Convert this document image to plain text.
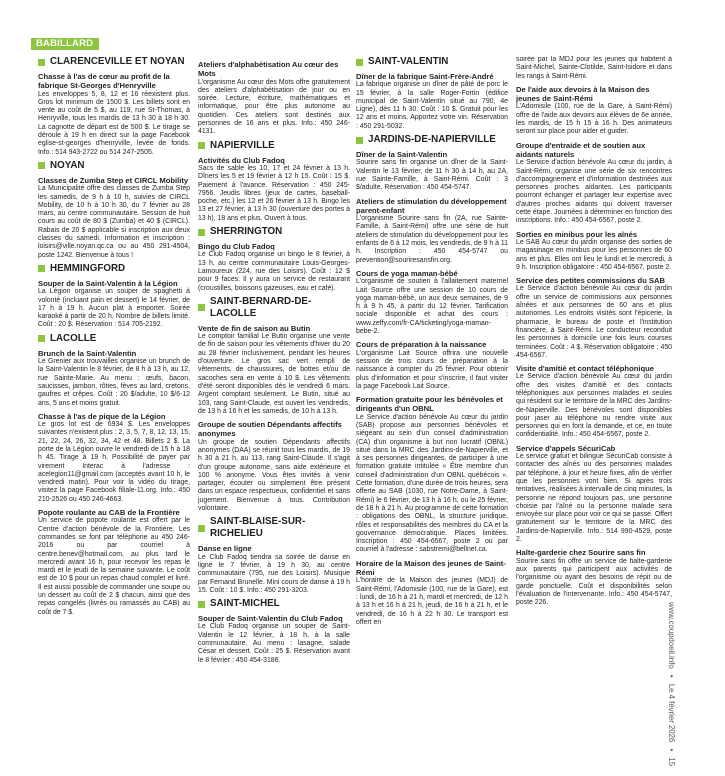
BABILLARD
CLARENCEVILLE ET NOYAN
Chasse à l'as de cœur au profit de la fabrique St-Georges d'Henryville
Les enveloppes 5, 8, 12 et 16 réexistent plus. Gros lot minimum de 1500 $. Les billets sont en vente au coût de 5 $, au 119, rue St-Thomas, à Henryville, tous les mardis de 13 h 30 à 18 h 30. La cagnotte de départ est de 500 $. Le tirage se déroule à 19 h en direct sur la page Facebook eglise-st-georges d'henryville, levée de fonds. Info.: 514 943-2722 ou 514 247-2505.
NOYAN
Classes de Zumba Step et CIRCL Mobility
La Municipalité offre des classes de Zumba Step les samedis, de 9 h à 10 h, suivies de CIRCL Mobility, de 10 h à 10 h 30, du 7 février au 28 mars, au centre communautaire. Session de huit cours au coût de 80 $ (Zumba) et 40 $ (CIRCL). Rabais de 20 $ applicable si inscription aux deux classes du samedi. Information et inscription : loisirs@ville.noyan.qc.ca ou au 450 291-4504, poste 1242. Bienvenue à tous !
HEMMINGFORD
Souper de la Saint-Valentin à la Légion
La Légion organise un souper de spaghetti à volonté (incluant pain et dessert) le 14 février, de 17 h à 19 h. Aucun plat à emporter. Soirée karaoké à partir de 20 h. Nombre de billets limité. Coût : 20 $. Réservation : 514 705-2192.
LACOLLE
Brunch de la Saint-Valentin
Le Grenier aux trouvailles organise un brunch de la Saint-Valentin le 8 février, de 8 h à 13 h, au 12, rue Sainte-Marie. Au menu : œufs, bacon, saucisses, jambon, rôties, fèves au lard, cretons, gaufres et crêpes. Coût : 20 $/adulte, 10 $/6-12 ans, 5 ans et moins gratuit.
Chasse à l'as de pique de la Légion
Le gros lot est de 6934 $. Les enveloppes suivantes n'existent plus : 2, 3, 5, 7, 8, 12, 13, 15, 21, 22, 24, 26, 32, 34, 42 et 48. Billets 2 $. La porte de la Légion ouvre le vendredi de 15 h à 18 h 45. Tirage à 19 h. Possibilité de payer par virement Interac à l'adresse : acelegion11@gmail.com (acceptés avant 10 h, le vendredi matin). Pour voir la vidéo du tirage, visitez la page Facebook filiale-11.org. Info.: 450 210-2526 ou 450 246-4663.
Popote roulante au CAB de la Frontière
Un service de popote roulante est offert par le Centre d'action bénévole de la Frontière. Les commandes se font par téléphone au 450 246-2016 ou par courriel à centre.benev@hotmail.com, au plus tard le mercredi avant 16 h, pour recevoir les repas le mardi et le jeudi de la semaine suivante. Le coût est de 10 $ pour un repas chaud complet et livré. Il est aussi possible de commander une soupe ou un dessert au coût de 2 $ chacun, ainsi que des repas congelés (livrés ou ramassés au CAB) au coût de 7 $.
Ateliers d'alphabétisation Au cœur des Mots
L'organisme Au cœur des Mots offre gratuitement des ateliers d'alphabétisation de jour ou en soirée. Lecture, écriture, mathématiques et informatique, pour être plus autonome au quotidien. Ces ateliers sont destinés aux personnes de 16 ans et plus. Info.: 450 246-4131.
NAPIERVILLE
Activités du Club Fadoq
Sacs de sable les 10, 17 et 24 février à 13 h. Dîners les 5 et 19 février à 12 h 15. Coût : 15 $. Paiement à l'avance. Réservation : 450 245-7956. Jeudis libres (jeux de cartes, baseball-poche, etc.) les 12 et 26 février à 13 h. Bingo les 13 et 27 février, à 13 h 30 (ouverture des portes à 13 h), 18 ans et plus. Ouvert à tous.
SHERRINGTON
Bingo du Club Fadoq
Le Club Fadoq organise un bingo le 8 février, à 13 h, au centre communautaire Louis-Georges-Lamoureux (224, rue des Loisirs). Coût : 12 $ pour 9 faces. Il y aura un service de restaurant (croustilles, boissons gazeuses, eau et café).
SAINT-BERNARD-DE-LACOLLE
Vente de fin de saison au Butin
Le comptoir familial Le Butin organise une vente de fin de saison pour les vêtements d'hiver du 20 au 28 février inclusivement, pendant les heures d'ouverture. Le gros sac vert rempli de vêtements, de chaussures, de bottes et/ou de sacoches sera en vente à 10 $. Les vêtements d'été seront disponibles dès le vendredi 6 mars. Argent comptant seulement. Le Butin, situé au 103, rang Saint-Claude, est ouvert les vendredis, de 13 h à 16 h et les samedis, de 10 h à 13 h.
Groupe de soutien Dépendants affectifs anonymes
Un groupe de soutien Dépendants affectifs anonymes (DAA) se réunit tous les mardis, de 19 h 30 à 21 h, au 113, rang Saint-Claude. Il s'agit d'un groupe autonome, sans aide extérieure et 100 % anonyme. Vous êtes invités à venir partager, écouter ou simplement être présent dans un espace respectueux, confidentiel et sans jugement. Bienvenue à tous. Contribution volontaire.
SAINT-BLAISE-SUR-RICHELIEU
Danse en ligne
Le Club Fadoq tiendra sa soirée de danse en ligne le 7 février, à 19 h 30, au centre communautaire (795, rue des Loisirs). Musique par Fernand Brunelle. Mini cours de danse à 19 h 15. Coût : 10 $. Info.: 450 291-3203.
SAINT-MICHEL
Souper de Saint-Valentin du Club Fadoq
Le Club Fadoq organise un souper de Saint-Valentin le 12 février, à 18 h, à la salle communautaire. Au menu : lasagne, salade César et dessert. Coût : 25 $. Réservation avant le 8 février : 450 454-3186.
SAINT-VALENTIN
Dîner de la fabrique Saint-Frère-André
La fabrique organise un dîner de pâté de porc le 15 février, à la salle Roger-Fortin (édifice municipal de Saint-Valentin situé au 790, 4e Ligne), dès 11 h 30. Coût : 10 $. Gratuit pour les 12 ans et moins. Apportez votre vin. Réservation : 450 291-5032.
JARDINS-DE-NAPIERVILLE
Dîner de la Saint-Valentin
Sourire sans fin organise un dîner de la Saint-Valentin le 13 février, de 11 h 30 à 14 h, au 2A, rue Sainte-Famille, à Saint-Rémi. Coût : 3 $/adulte. Réservation : 450 454-5747.
Ateliers de stimulation du développement parent-enfant
L'organisme Sourire sans fin (2A, rue Sainte-Famille, à Saint-Rémi) offre une série de huit ateliers de stimulation du développement pour les enfants de 6 à 12 mois, les vendredis, de 9 h à 11 h. Inscription : 450 454-5747 ou prevention@souriresansfin.org.
Cours de yoga maman-bébé
L'organisme de soutien à l'allaitement maternel Lait Source offre une session de 10 cours de yoga maman-bébé, un aux deux semaines, de 9 h à 9 h 45, à partir du 12 février. Tarification sociale disponible et achat des cours : www.zeffy.com/fr-CA/ticketing/yoga-maman-bebe-2.
Cours de préparation à la naissance
L'organisme Lait Source offrira une nouvelle session de trois cours de préparation à la naissance à compter du 25 février. Pour obtenir plus d'information et pour s'inscrire, il faut visiter la page Facebook Lait Source.
Formation gratuite pour les bénévoles et dirigeants d'un OBNL
Le Service d'action bénévole Au cœur du jardin (SAB) propose aux personnes bénévoles et siégeant au sein d'un conseil d'administration (CA) d'un organisme à but non lucratif (OBNL) situé dans la MRC des Jardins-de-Napierville, et à ses personnes dirigeantes, de participer à une formation gratuite intitulée « Être membre d'un conseil d'administration d'un OBNL québécois ». Cette formation, d'une durée de trois heures, sera offerte au SAB (1030, rue Notre-Dame, à Saint-Rémi) le 6 février, de 13 h à 16 h, ou le 25 février, de 18 h à 21 h. Au programme de cette formation : obligations des OBNL, la structure juridique, rôles et responsabilités des membres du CA et la gouvernance démocratique. Places limitées. Inscription : 450 454-6567, poste 2 ou par courriel à l'adresse : sabstremi@bellnet.ca.
Horaire de la Maison des jeunes de Saint-Rémi
L'horaire de la Maison des jeunes (MDJ) de Saint-Rémi, l'Adomisile (100, rue de la Gare), est : lundi, de 16 h à 21 h, mardi et mercredi, de 12 h à 13 h et 16 h à 21 h, jeudi, de 16 h à 21 h, et le vendredi, de 16 h à 22 h 30. Le transport est offert en
soirée par la MDJ pour les jeunes qui habitent à Saint-Michel, Sainte-Clotilde, Saint-Isidore et dans les rangs à Saint-Rémi.
De l'aide aux devoirs à la Maison des jeunes de Saint-Rémi
L'Adomisile (100, rue de la Gare, à Saint-Rémi) offre de l'aide aux devoirs aux élèves de 6e année, les mardis, de 15 h 15 à 16 h. Des animateurs seront sur place pour aider et guider.
Groupe d'entraide et de soutien aux aidants naturels
Le Service d'action bénévole Au cœur du jardin, à Saint-Rémi, organise une série de six rencontres d'accompagnement et d'information destinées aux personnes proches aidantes. Les participants pourront échanger et partager leur expertise avec d'autres proches aidants qui doivent traverser cette étape. Journées à déterminer en fonction des inscriptions. Info.: 450 454-6567, poste 2.
Sorties en minibus pour les aînés
Le SAB Au cœur du jardin organise des sorties de magasinage en minibus pour les personnes de 60 ans et plus. Elles ont lieu le lundi et le mercredi, à 9 h. Inscription obligatoire : 450 454-6567, poste 2.
Service des petites commissions du SAB
Le Service d'action bénévole Au cœur du jardin offre un service de commissions aux personnes aînées et aux personnes de 60 ans et plus autonomes. Les endroits visités sont l'épicerie, la pharmacie, le bureau de poste et l'institution financière, à Saint-Rémi. Le conducteur reconduit les personnes à domicile une fois leurs courses terminées. Coût : 4 $. Réservation obligatoire : 450 454-6567.
Visite d'amitié et contact téléphonique
Le Service d'action bénévole Au cœur du jardin offre des visites d'amitié et des contacts téléphoniques aux personnes malades et seules qui résident sur le territoire de la MRC des Jardins-de-Napierville. Des bénévoles sont disponibles pour jaser au téléphone ou rendre visite aux personnes qui en font la demande, et ce, en toute confidentialité. Info.: 450 454-6567, poste 2.
Service d'appels SécuriCab
Le service gratuit et bilingue SécuriCab consiste à contacter des aînés ou des personnes malades par téléphone, à jour et heure fixes, afin de vérifier que les personnes vont bien. Si après trois tentatives, réalisées à intervalle de cinq minutes, la personne ne répond toujours pas, une personne choisie par l'aîné ou la personne malade sera envoyée sur place pour voir ce qui se passe. Offert gratuitement sur le territoire de la MRC des Jardins-de-Napierville. Info.: 514 990-4529, poste 2.
Halte-garderie chez Sourire sans fin
Sourire sans fin offre un service de halte-garderie aux parents qui participent aux activités de l'organisme ou ayant des besoins de répit ou de garde ponctuelle. Coût et disponibilités selon l'évaluation de l'intervenante. Info.: 450 454-5747, poste 226.	www.coupdoeil.info • Le 4 février 2026 • 15
